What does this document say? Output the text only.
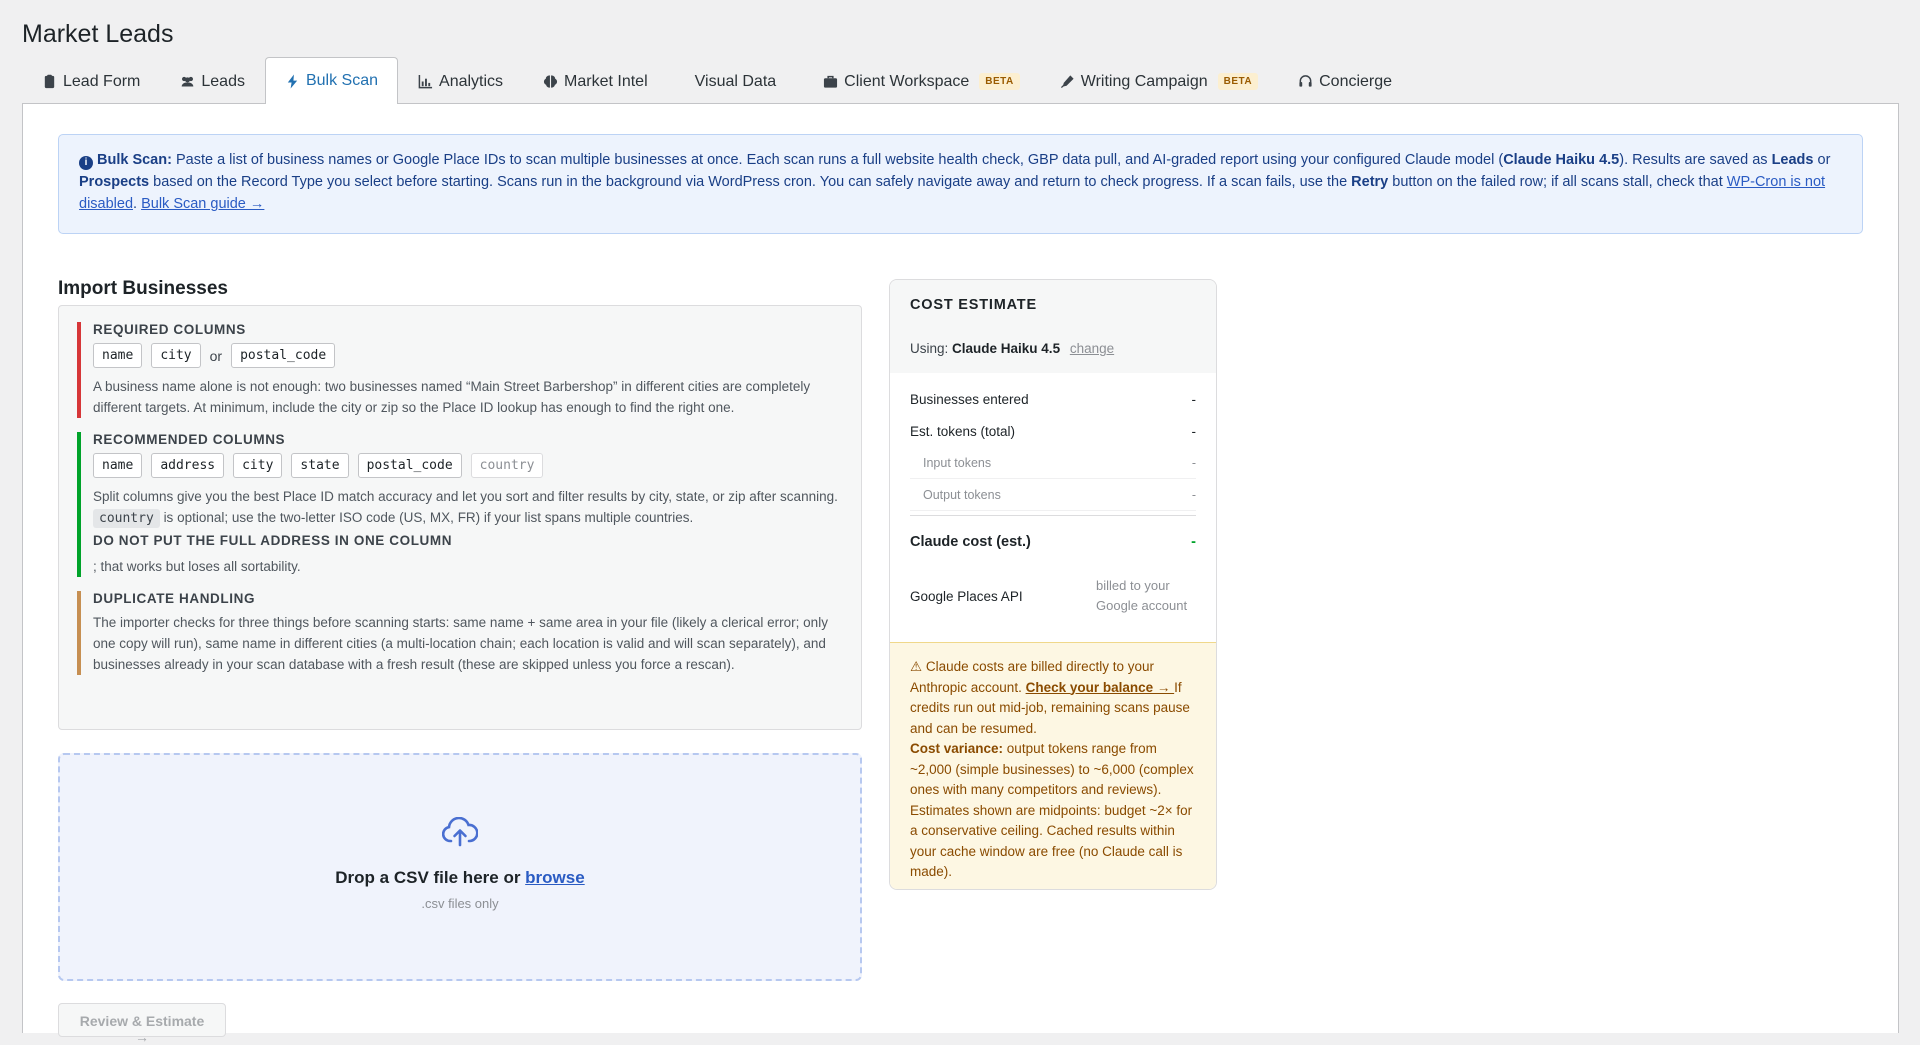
Market Leads
Lead Form	Leads	Bulk Scan	Analytics	Market Intel	Visual Data	Client Workspace	BETA	Writing Campaign	BETA	Concierge
i Bulk Scan: Paste a list of business names or Google Place IDs to scan multiple businesses at once. Each scan runs a full website health check, GBP data pull, and AI-graded report using your configured Claude model (Claude Haiku 4.5). Results are saved as Leads or Prospects based on the Record Type you select before starting. Scans run in the background via WordPress cron. You can safely navigate away and return to check progress. If a scan fails, use the Retry button on the failed row; if all scans stall, check that WP-Cron is not disabled. Bulk Scan guide →
Import Businesses
REQUIRED COLUMNS
name	city	or	postal_code

A business name alone is not enough: two businesses named “Main Street Barbershop” in different cities are completely different targets. At minimum, include the city or zip so the Place ID lookup has enough to find the right one.

RECOMMENDED COLUMNS
name	address	city	state	postal_code	country

Split columns give you the best Place ID match accuracy and let you sort and filter results by city, state, or zip after scanning. country is optional; use the two-letter ISO code (US, MX, FR) if your list spans multiple countries.

DO NOT PUT THE FULL ADDRESS IN ONE COLUMN

; that works but loses all sortability.

DUPLICATE HANDLING

The importer checks for three things before scanning starts: same name + same area in your file (likely a clerical error; only one copy will run), same name in different cities (a multi-location chain; each location is valid and will scan separately), and businesses already in your scan database with a fresh result (these are skipped unless you force a rescan).

Drop a CSV file here or browse
.csv files only
Review & Estimate →
COST ESTIMATE
Using: Claude Haiku 4.5 change
Businesses entered	-
Est. tokens (total)	-
Input tokens	-
Output tokens	-
Claude cost (est.)	-
Google Places API
billed to your Google account
⚠ Claude costs are billed directly to your Anthropic account. Check your balance → If credits run out mid-job, remaining scans pause and can be resumed.
Cost variance: output tokens range from ~2,000 (simple businesses) to ~6,000 (complex ones with many competitors and reviews). Estimates shown are midpoints: budget ~2× for a conservative ceiling. Cached results within your cache window are free (no Claude call is made).
